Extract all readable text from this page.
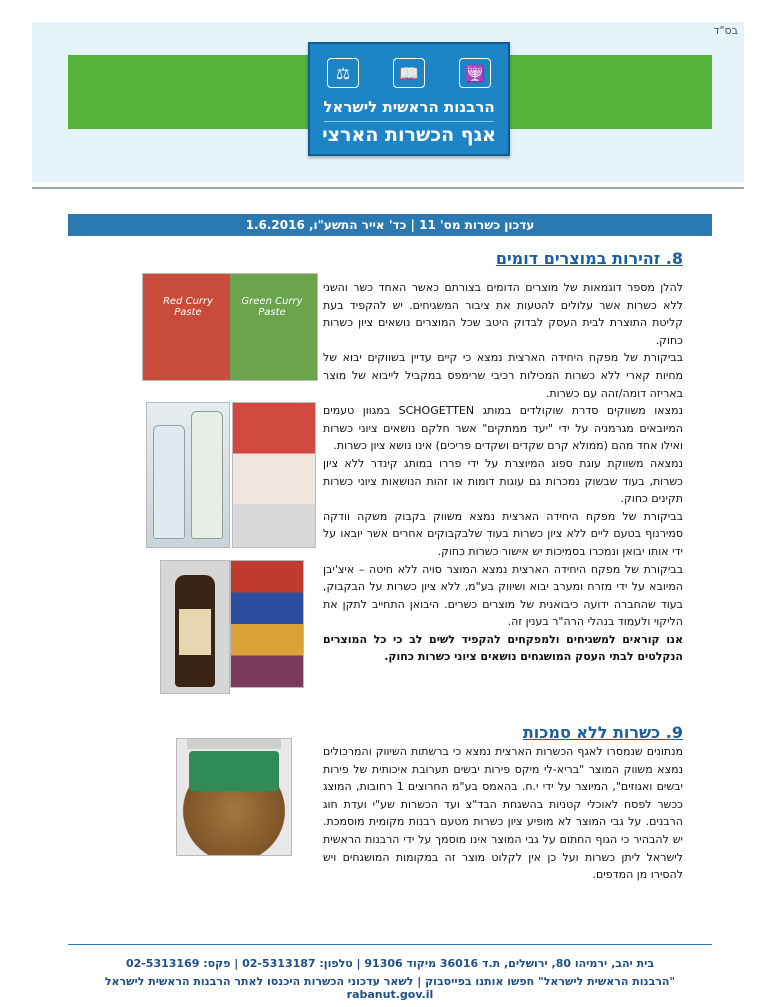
בס"ד
⚖	📖	🕎
הרבנות הראשית לישראל
אגף הכשרות הארצי
עדכון כשרות מס' 11 | כד' אייר התשע"ו, 1.6.2016
8. זהירות במוצרים דומים

להלן מספר דוגמאות של מוצרים הדומים בצורתם כאשר האחד כשר והשני ללא כשרות אשר עלולים להטעות את ציבור המשגיחים. יש להקפיד בעת קליטת התוצרת לבית העסק לבדוק היטב שכל המוצרים נושאים ציון כשרות כחוק.

בביקורת של מפקח היחידה הארצית נמצא כי קיים עדיין בשווקים יבוא של מחיות קארי ללא כשרות המכילות רכיבי שרימפס במקביל לייבוא של מוצר באריזה דומה/זהה עם כשרות.

נמצאו משווקים סדרת שוקולדים במותג SCHOGETTEN במגוון טעמים המיובאים מגרמניה על ידי "יעד ממתקים" אשר חלקם נושאים ציוני כשרות ואילו אחד מהם (ממולא קרם שקדים ושקדים פריכים) אינו נושא ציון כשרות.

נמצאה משווקת עוגת ספוג המיוצרת על ידי פררו במותג קינדר ללא ציון כשרות, בעוד שבשוק נמכרות גם עוגות דומות או זהות הנושאות ציוני כשרות תקינים כחוק.

בביקורת של מפקח היחידה הארצית נמצא משווק בקבוק משקה וודקה סמירנוף בטעם ליים ללא ציון כשרות בעוד שלבקבוקים אחרים אשר יובאו על ידי אותו יבואן ונמכרו בסמיכות יש אישור כשרות כחוק.

בביקורת של מפקח היחידה הארצית נמצא המוצר סויה ללא חיטה – איצ'יבן המיובא על ידי מזרח ומערב יבוא ושיווק בע"מ, ללא ציון כשרות על הבקבוק, בעוד שהחברה ידועה כיבואנית של מוצרים כשרים. היבואן התחייב לתקן את הליקוי ולעמוד בנהלי הרה"ר בענין זה.

אנו קוראים למשגיחים ולמפקחים להקפיד לשים לב כי כל המוצרים הנקלטים לבתי העסק המושגחים נושאים ציוני כשרות כחוק.

Red Curry Paste
Green Curry Paste
9. כשרות ללא סמכות

מנתונים שנמסרו לאגף הכשרות הארצית נמצא כי ברשתות השיווק והמרכולים נמצא משווק המוצר "בריא-לי מיקס פירות יבשים תערובת איכותית של פירות יבשים ואגוזים", המיוצר על ידי י.ח. בהאמס בע"מ החרוצים 1 רחובות, המוצג ככשר לפסח לאוכלי קטניות בהשגחת הבד"צ ועד הכשרות שע"י ועדת חוג הרבנים. על גבי המוצר לא מופיע ציון כשרות מטעם רבנות מקומית מוסמכת. יש להבהיר כי הגוף החתום על גבי המוצר אינו מוסמך על ידי הרבנות הראשית לישראל ליתן כשרות ועל כן אין לקלוט מוצר זה במקומות המושגחים ויש להסירו מן המדפים.

בית יהב, ירמיהו 80, ירושלים, ת.ד 36016 מיקוד 91306 | טלפון: 02-5313187 | פקס: 02-5313169
"הרבנות הראשית לישראל" חפשו אותנו בפייסבוק | לשאר עדכוני הכשרות היכנסו לאתר הרבנות הראשית לישראל rabanut.gov.il
